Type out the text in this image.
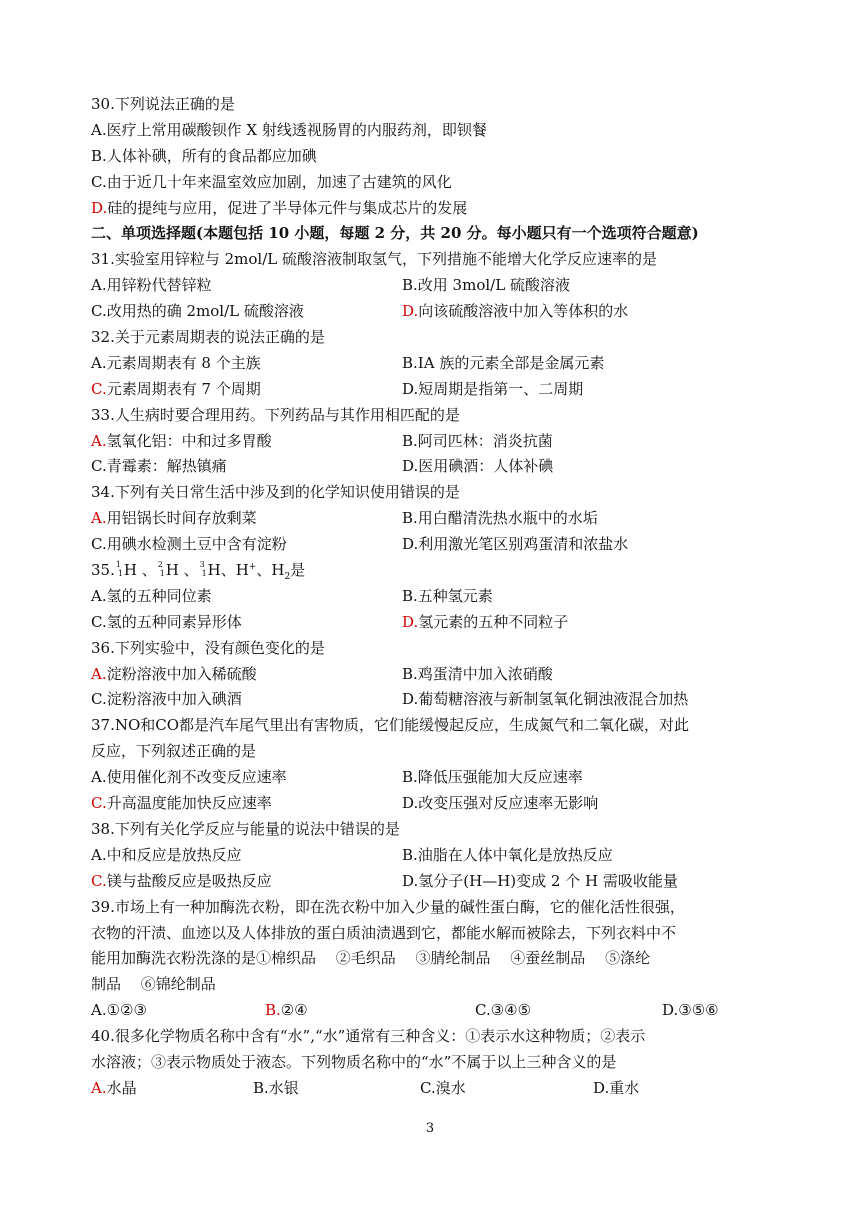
30.下列说法正确的是
A.医疗上常用碳酸钡作 X 射线透视肠胃的内服药剂，即钡餐
B.人体补碘，所有的食品都应加碘
C.由于近几十年来温室效应加剧，加速了古建筑的风化
D.硅的提纯与应用，促进了半导体元件与集成芯片的发展
二、单项选择题(本题包括 10 小题，每题 2 分，共 20 分。每小题只有一个选项符合题意)
31.实验室用锌粒与 2mol/L 硫酸溶液制取氢气，下列措施不能增大化学反应速率的是
A.用锌粉代替锌粒	B.改用 3mol/L 硫酸溶液
C.改用热的确 2mol/L 硫酸溶液	D.向该硫酸溶液中加入等体积的水
32.关于元素周期表的说法正确的是
A.元素周期表有 8 个主族	B.ⅠA 族的元素全部是金属元素
C.元素周期表有 7 个周期	D.短周期是指第一、二周期
33.人生病时要合理用药。下列药品与其作用相匹配的是
A.氢氧化铝：中和过多胃酸	B.阿司匹林：消炎抗菌
C.青霉素：解热镇痛	D.医用碘酒：人体补碘
34.下列有关日常生活中涉及到的化学知识使用错误的是
A.用铝锅长时间存放剩菜	B.用白醋清洗热水瓶中的水垢
C.用碘水检测土豆中含有淀粉	D.利用激光笔区别鸡蛋清和浓盐水
35. 1
1 H 、 2
1 H 、 3
1 H、H+、$H_2$是
A.氢的五种同位素	B.五种氢元素
C.氢的五种同素异形体	D.氢元素的五种不同粒子
36.下列实验中，没有颜色变化的是
A.淀粉溶液中加入稀硫酸	B.鸡蛋清中加入浓硝酸
C.淀粉溶液中加入碘酒	D.葡萄糖溶液与新制氢氧化铜浊液混合加热
37.NO和CO都是汽车尾气里出有害物质，它们能缓慢起反应，生成氮气和二氧化碳，对此
反应，下列叙述正确的是
A.使用催化剂不改变反应速率	B.降低压强能加大反应速率
C.升高温度能加快反应速率	D.改变压强对反应速率无影响
38.下列有关化学反应与能量的说法中错误的是
A.中和反应是放热反应	B.油脂在人体中氧化是放热反应
C.镁与盐酸反应是吸热反应	D.氢分子(H—H)变成 2 个 H 需吸收能量
39.市场上有一种加酶洗衣粉，即在洗衣粉中加入少量的碱性蛋白酶，它的催化活性很强，
衣物的汗渍、血迹以及人体排放的蛋白质油渍遇到它，都能水解而被除去，下列衣料中不
能用加酶洗衣粉洗涤的是①棉织品　 ②毛织品　 ③腈纶制品　 ④蚕丝制品　 ⑤涤纶
制品　 ⑥锦纶制品
A.①②③	B.②④	C.③④⑤	D.③⑤⑥
40.很多化学物质名称中含有“水”,“水”通常有三种含义：①表示水这种物质；②表示
水溶液；③表示物质处于液态。下列物质名称中的“水”不属于以上三种含义的是
A.水晶	B.水银	C.溴水	D.重水
3
